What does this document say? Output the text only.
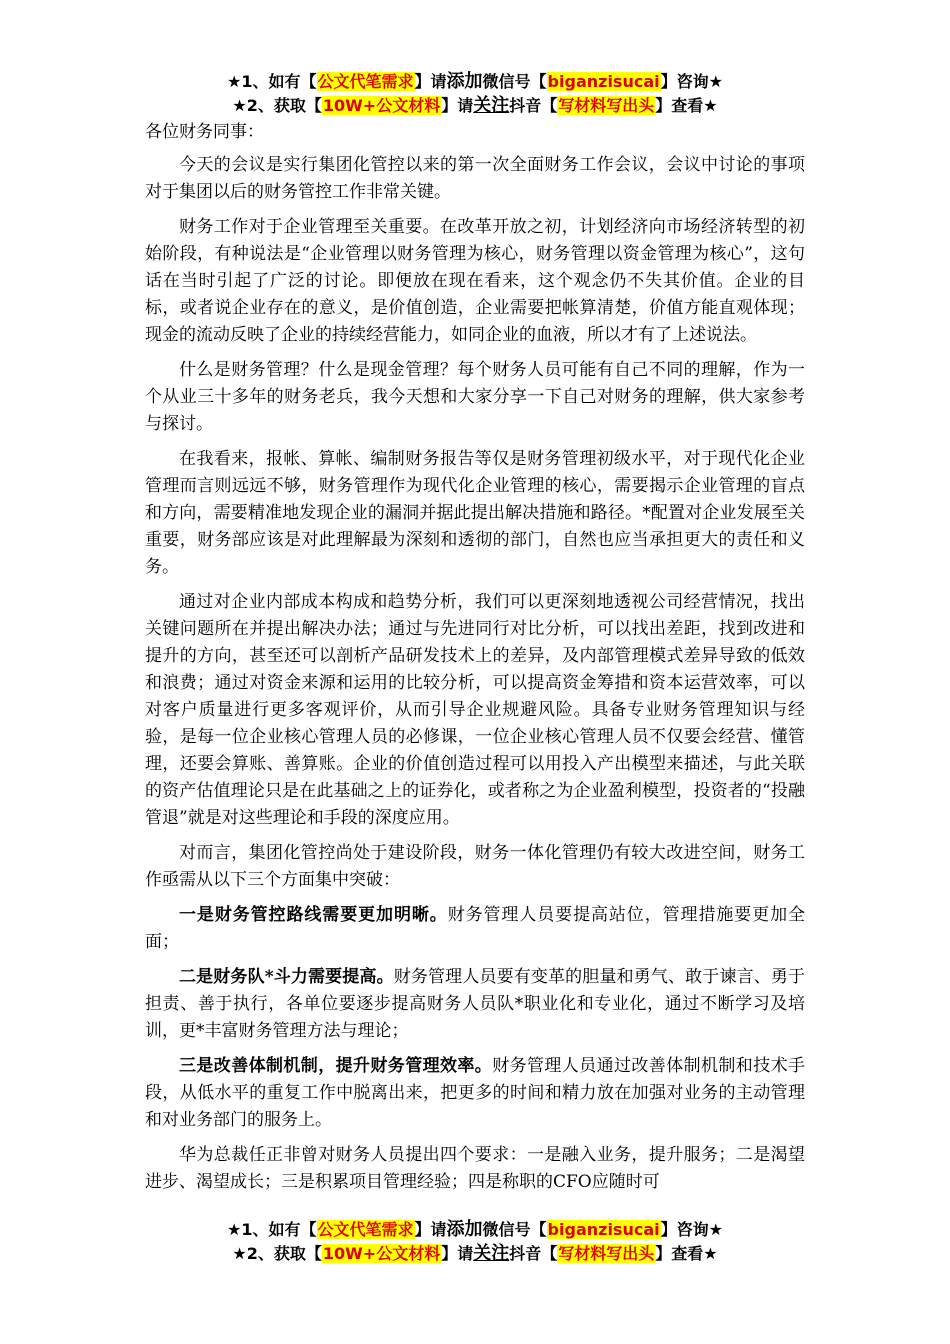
★1、如有【公文代笔需求】请添加微信号【biganzisucai】咨询★
★2、获取【10W+公文材料】请关注抖音【写材料写出头】查看★

各位财务同事：

今天的会议是实行集团化管控以来的第一次全面财务工作会议，会议中讨论的事项对于集团以后的财务管控工作非常关键。

财务工作对于企业管理至关重要。在改革开放之初，计划经济向市场经济转型的初始阶段，有种说法是“企业管理以财务管理为核心，财务管理以资金管理为核心”，这句话在当时引起了广泛的讨论。即便放在现在看来，这个观念仍不失其价值。企业的目标，或者说企业存在的意义，是价值创造，企业需要把帐算清楚，价值方能直观体现；现金的流动反映了企业的持续经营能力，如同企业的血液，所以才有了上述说法。

什么是财务管理？什么是现金管理？每个财务人员可能有自己不同的理解，作为一个从业三十多年的财务老兵，我今天想和大家分享一下自己对财务的理解，供大家参考与探讨。

在我看来，报帐、算帐、编制财务报告等仅是财务管理初级水平，对于现代化企业管理而言则远远不够，财务管理作为现代化企业管理的核心，需要揭示企业管理的盲点和方向，需要精准地发现企业的漏洞并据此提出解决措施和路径。*配置对企业发展至关重要，财务部应该是对此理解最为深刻和透彻的部门，自然也应当承担更大的责任和义务。

通过对企业内部成本构成和趋势分析，我们可以更深刻地透视公司经营情况，找出关键问题所在并提出解决办法；通过与先进同行对比分析，可以找出差距，找到改进和提升的方向，甚至还可以剖析产品研发技术上的差异，及内部管理模式差异导致的低效和浪费；通过对资金来源和运用的比较分析，可以提高资金筹措和资本运营效率，可以对客户质量进行更多客观评价，从而引导企业规避风险。具备专业财务管理知识与经验，是每一位企业核心管理人员的必修课，一位企业核心管理人员不仅要会经营、懂管理，还要会算账、善算账。企业的价值创造过程可以用投入产出模型来描述，与此关联的资产估值理论只是在此基础之上的证券化，或者称之为企业盈利模型，投资者的“投融管退”就是对这些理论和手段的深度应用。

对而言，集团化管控尚处于建设阶段，财务一体化管理仍有较大改进空间，财务工作亟需从以下三个方面集中突破：

一是财务管控路线需要更加明晰。财务管理人员要提高站位，管理措施要更加全面；

二是财务队*斗力需要提高。财务管理人员要有变革的胆量和勇气、敢于谏言、勇于担责、善于执行，各单位要逐步提高财务人员队*职业化和专业化，通过不断学习及培训，更*丰富财务管理方法与理论；

三是改善体制机制，提升财务管理效率。财务管理人员通过改善体制机制和技术手段，从低水平的重复工作中脱离出来，把更多的时间和精力放在加强对业务的主动管理和对业务部门的服务上。

华为总裁任正非曾对财务人员提出四个要求：一是融入业务，提升服务；二是渴望进步、渴望成长；三是积累项目管理经验；四是称职的CFO应随时可

★1、如有【公文代笔需求】请添加微信号【biganzisucai】咨询★
★2、获取【10W+公文材料】请关注抖音【写材料写出头】查看★
